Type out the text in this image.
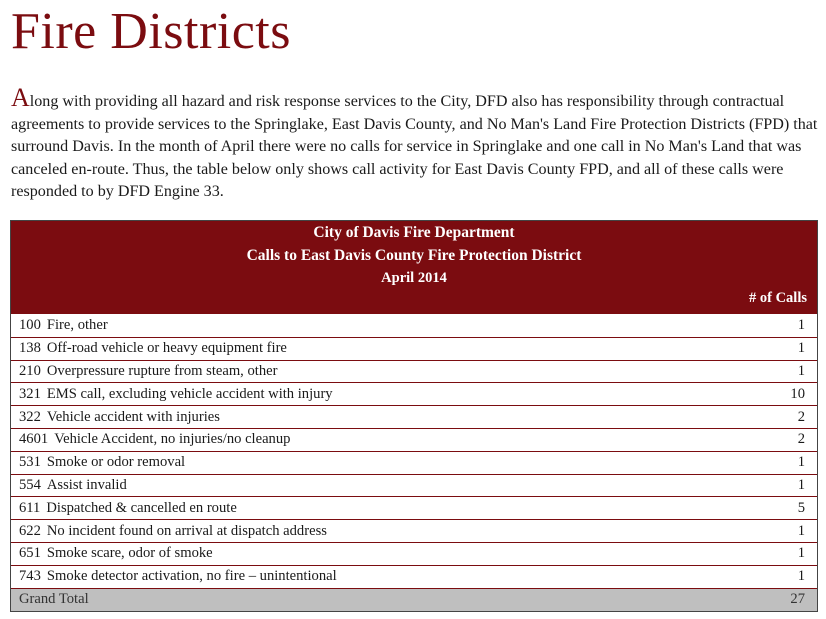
Fire Districts
Along with providing all hazard and risk response services to the City, DFD also has responsibility through contractual agreements to provide services to the Springlake, East Davis County, and No Man's Land Fire Protection Districts (FPD) that surround Davis. In the month of April there were no calls for service in Springlake and one call in No Man's Land that was canceled en-route. Thus, the table below only shows call activity for East Davis County FPD, and all of these calls were responded to by DFD Engine 33.
City of Davis Fire Department
Calls to East Davis County Fire Protection District
April 2014
# of Calls
100 Fire, other	1
138 Off-road vehicle or heavy equipment fire	1
210 Overpressure rupture from steam, other	1
321 EMS call, excluding vehicle accident with injury	10
322 Vehicle accident with injuries	2
4601 Vehicle Accident, no injuries/no cleanup	2
531 Smoke or odor removal	1
554 Assist invalid	1
611 Dispatched & cancelled en route	5
622 No incident found on arrival at dispatch address	1
651 Smoke scare, odor of smoke	1
743 Smoke detector activation, no fire – unintentional	1
Grand Total	27
